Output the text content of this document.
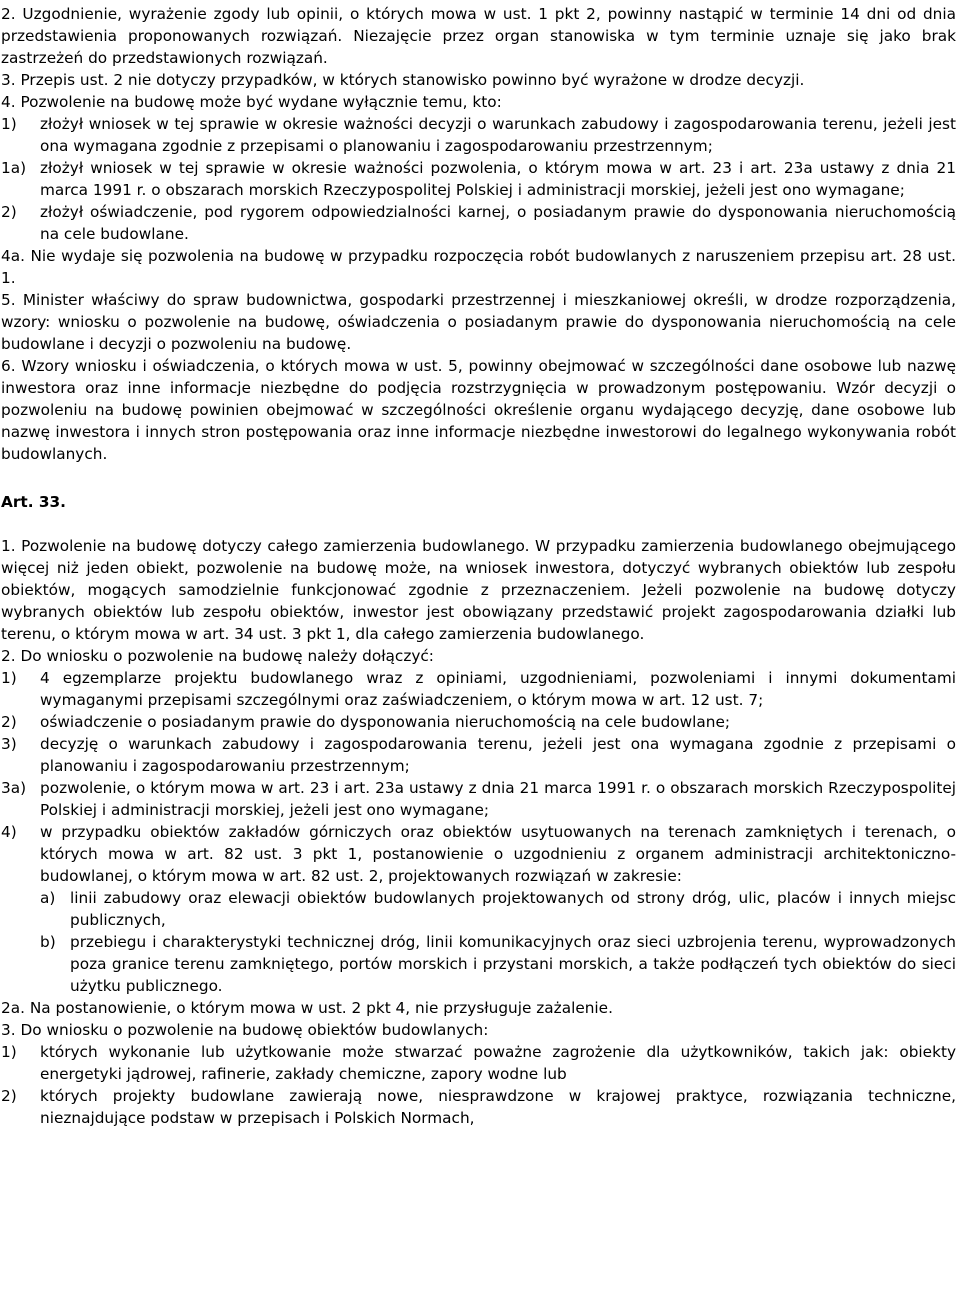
2. Uzgodnienie, wyrażenie zgody lub opinii, o których mowa w ust. 1 pkt 2, powinny nastąpić w terminie 14 dni od dnia przedstawienia proponowanych rozwiązań. Niezajęcie przez organ stanowiska w tym terminie uznaje się jako brak zastrzeżeń do przedstawionych rozwiązań.
3. Przepis ust. 2 nie dotyczy przypadków, w których stanowisko powinno być wyrażone w drodze decyzji.
4. Pozwolenie na budowę może być wydane wyłącznie temu, kto:
1)	złożył wniosek w tej sprawie w okresie ważności decyzji o warunkach zabudowy i zagospodarowania terenu, jeżeli jest ona wymagana zgodnie z przepisami o planowaniu i zagospodarowaniu przestrzennym;
1a) złożył wniosek w tej sprawie w okresie ważności pozwolenia, o którym mowa w art. 23 i art. 23a ustawy z dnia 21 marca 1991 r. o obszarach morskich Rzeczypospolitej Polskiej i administracji morskiej, jeżeli jest ono wymagane;
2)	złożył oświadczenie, pod rygorem odpowiedzialności karnej, o posiadanym prawie do dysponowania nieruchomością na cele budowlane.
4a. Nie wydaje się pozwolenia na budowę w przypadku rozpoczęcia robót budowlanych z naruszeniem przepisu art. 28 ust. 1.
5. Minister właściwy do spraw budownictwa, gospodarki przestrzennej i mieszkaniowej określi, w drodze rozporządzenia, wzory: wniosku o pozwolenie na budowę, oświadczenia o posiadanym prawie do dysponowania nieruchomością na cele budowlane i decyzji o pozwoleniu na budowę.
6. Wzory wniosku i oświadczenia, o których mowa w ust. 5, powinny obejmować w szczególności dane osobowe lub nazwę inwestora oraz inne informacje niezbędne do podjęcia rozstrzygnięcia w prowadzonym postępowaniu. Wzór decyzji o pozwoleniu na budowę powinien obejmować w szczególności określenie organu wydającego decyzję, dane osobowe lub nazwę inwestora i innych stron postępowania oraz inne informacje niezbędne inwestorowi do legalnego wykonywania robót budowlanych.
Art. 33.
1. Pozwolenie na budowę dotyczy całego zamierzenia budowlanego. W przypadku zamierzenia budowlanego obejmującego więcej niż jeden obiekt, pozwolenie na budowę może, na wniosek inwestora, dotyczyć wybranych obiektów lub zespołu obiektów, mogących samodzielnie funkcjonować zgodnie z przeznaczeniem. Jeżeli pozwolenie na budowę dotyczy wybranych obiektów lub zespołu obiektów, inwestor jest obowiązany przedstawić projekt zagospodarowania działki lub terenu, o którym mowa w art. 34 ust. 3 pkt 1, dla całego zamierzenia budowlanego.
2. Do wniosku o pozwolenie na budowę należy dołączyć:
1)	4 egzemplarze projektu budowlanego wraz z opiniami, uzgodnieniami, pozwoleniami i innymi dokumentami wymaganymi przepisami szczególnymi oraz zaświadczeniem, o którym mowa w art. 12 ust. 7;
2)	oświadczenie o posiadanym prawie do dysponowania nieruchomością na cele budowlane;
3)	decyzję o warunkach zabudowy i zagospodarowania terenu, jeżeli jest ona wymagana zgodnie z przepisami o planowaniu i zagospodarowaniu przestrzennym;
3a) pozwolenie, o którym mowa w art. 23 i art. 23a ustawy z dnia 21 marca 1991 r. o obszarach morskich Rzeczypospolitej Polskiej i administracji morskiej, jeżeli jest ono wymagane;
4)	w przypadku obiektów zakładów górniczych oraz obiektów usytuowanych na terenach zamkniętych i terenach, o których mowa w art. 82 ust. 3 pkt 1, postanowienie o uzgodnieniu z organem administracji architektoniczno-budowlanej, o którym mowa w art. 82 ust. 2, projektowanych rozwiązań w zakresie:
a) linii zabudowy oraz elewacji obiektów budowlanych projektowanych od strony dróg, ulic, placów i innych miejsc publicznych,
b) przebiegu i charakterystyki technicznej dróg, linii komunikacyjnych oraz sieci uzbrojenia terenu, wyprowadzonych poza granice terenu zamkniętego, portów morskich i przystani morskich, a także podłączeń tych obiektów do sieci użytku publicznego.
2a. Na postanowienie, o którym mowa w ust. 2 pkt 4, nie przysługuje zażalenie.
3. Do wniosku o pozwolenie na budowę obiektów budowlanych:
1)	których wykonanie lub użytkowanie może stwarzać poważne zagrożenie dla użytkowników, takich jak: obiekty energetyki jądrowej, rafinerie, zakłady chemiczne, zapory wodne lub
2)	których projekty budowlane zawierają nowe, niesprawdzone w krajowej praktyce, rozwiązania techniczne, nieznajdujące podstaw w przepisach i Polskich Normach,
